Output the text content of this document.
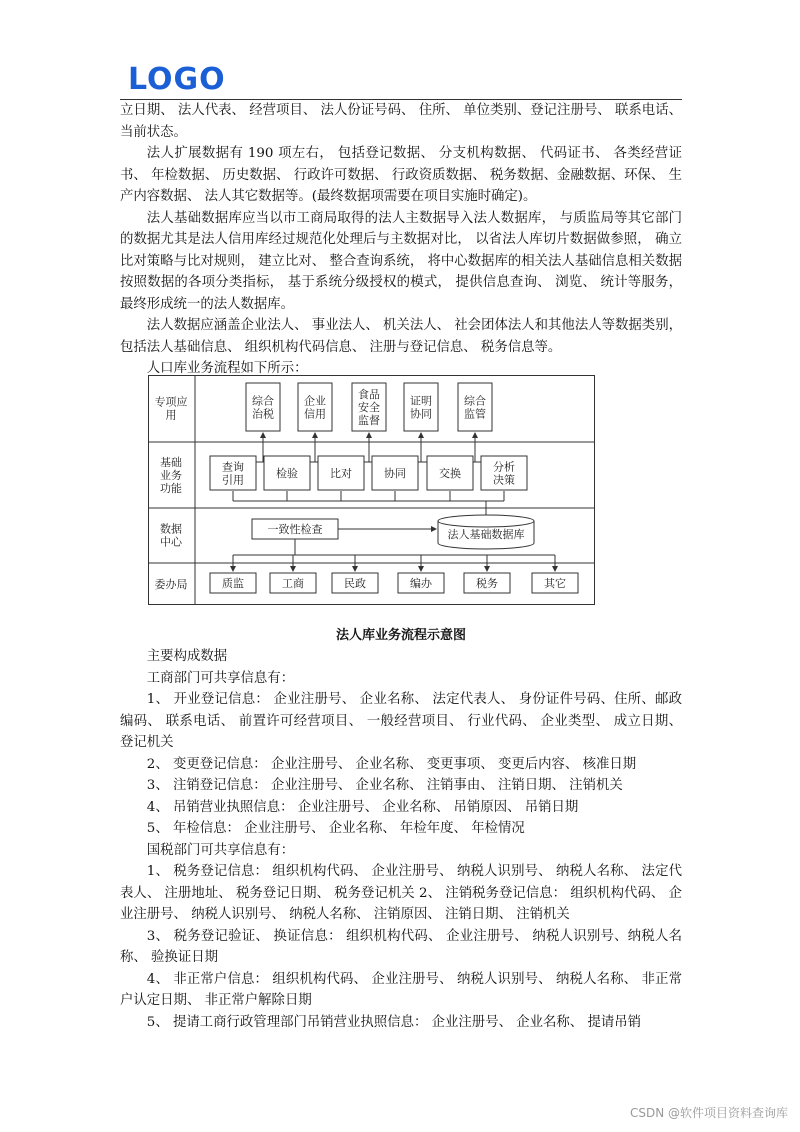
LOGO

立日期、 法人代表、 经营项目、 法人份证号码、 住所、 单位类别、登记注册号、 联系电话、 当前状态。

法人扩展数据有 190 项左右， 包括登记数据、 分支机构数据、 代码证书、 各类经营证书、 年检数据、 历史数据、 行政许可数据、 行政资质数据、 税务数据、金融数据、环保、 生产内容数据、 法人其它数据等。(最终数据项需要在项目实施时确定)。

法人基础数据库应当以市工商局取得的法人主数据导入法人数据库， 与质监局等其它部门的数据尤其是法人信用库经过规范化处理后与主数据对比， 以省法人库切片数据做参照， 确立比对策略与比对规则， 建立比对、 整合查询系统， 将中心数据库的相关法人基础信息相关数据按照数据的各项分类指标， 基于系统分级授权的模式， 提供信息查询、 浏览、 统计等服务， 最终形成统一的法人数据库。

法人数据应涵盖企业法人、 事业法人、 机关法人、 社会团体法人和其他法人等数据类别， 包括法人基础信息、 组织机构代码信息、 注册与登记信息、 税务信息等。

人口库业务流程如下所示：

专项应
用
基础
业务
功能
数据
中心
委办局
综合
治税
企业
信用
食品
安全
监督
证明
协同
综合
监管
查询
引用	检验	比对	协同	交换	分析
决策
一致性检查	法人基础数据库
质监	工商	民政	编办	税务	其它
法人库业务流程示意图

主要构成数据

工商部门可共享信息有：

1、 开业登记信息： 企业注册号、 企业名称、 法定代表人、 身份证件号码、住所、邮政编码、 联系电话、 前置许可经营项目、 一般经营项目、 行业代码、 企业类型、 成立日期、 登记机关

2、 变更登记信息： 企业注册号、 企业名称、 变更事项、 变更后内容、 核准日期

3、 注销登记信息： 企业注册号、 企业名称、 注销事由、 注销日期、 注销机关

4、 吊销营业执照信息： 企业注册号、 企业名称、 吊销原因、 吊销日期

5、 年检信息： 企业注册号、 企业名称、 年检年度、 年检情况

国税部门可共享信息有：

1、 税务登记信息： 组织机构代码、 企业注册号、 纳税人识别号、 纳税人名称、 法定代表人、 注册地址、 税务登记日期、 税务登记机关 2、 注销税务登记信息： 组织机构代码、 企业注册号、 纳税人识别号、 纳税人名称、 注销原因、 注销日期、 注销机关

3、 税务登记验证、 换证信息： 组织机构代码、 企业注册号、 纳税人识别号、纳税人名称、 验换证日期

4、 非正常户信息： 组织机构代码、 企业注册号、 纳税人识别号、 纳税人名称、 非正常户认定日期、 非正常户解除日期

5、 提请工商行政管理部门吊销营业执照信息： 企业注册号、 企业名称、 提请吊销

CSDN @软件项目资料查询库
